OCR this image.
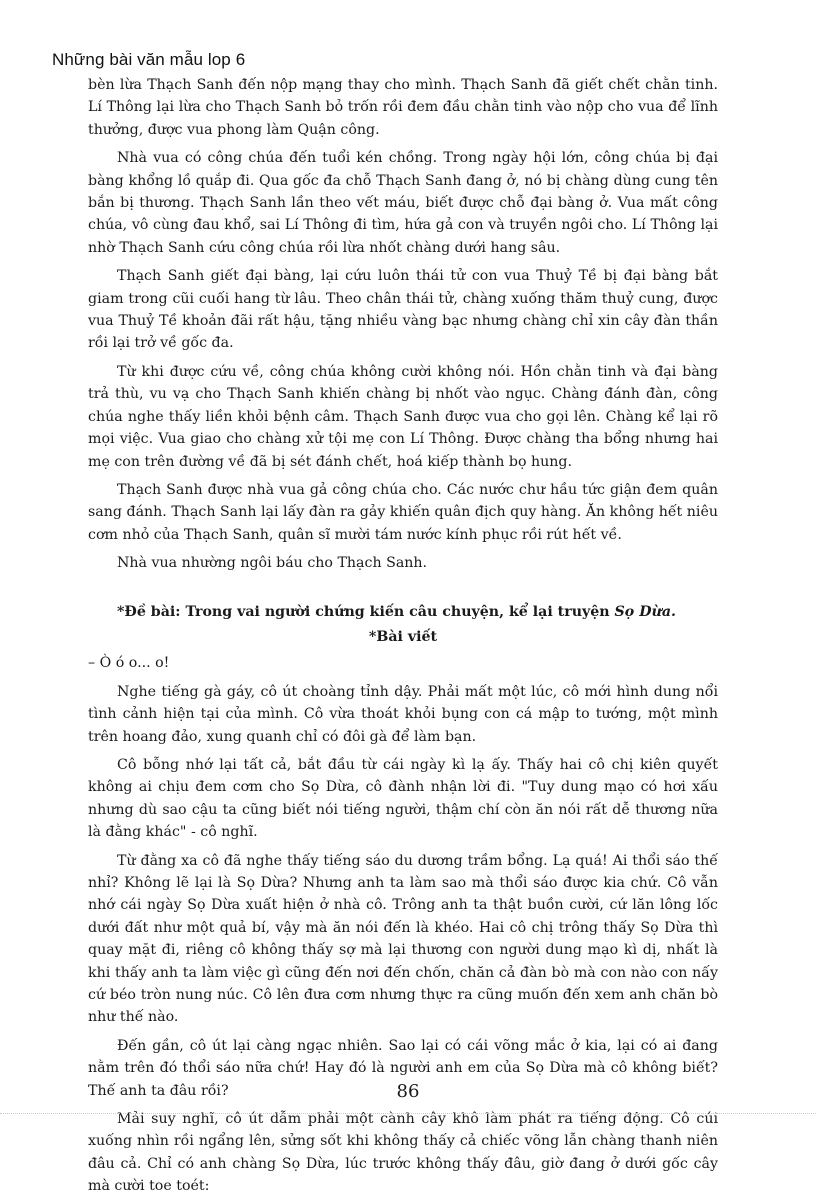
Những bài văn mẫu lop 6

bèn lừa Thạch Sanh đến nộp mạng thay cho mình. Thạch Sanh đã giết chết chằn tinh. Lí Thông lại lừa cho Thạch Sanh bỏ trốn rồi đem đầu chằn tinh vào nộp cho vua để lĩnh thưởng, được vua phong làm Quận công.

Nhà vua có công chúa đến tuổi kén chồng. Trong ngày hội lớn, công chúa bị đại bàng khổng lồ quắp đi. Qua gốc đa chỗ Thạch Sanh đang ở, nó bị chàng dùng cung tên bắn bị thương. Thạch Sanh lần theo vết máu, biết được chỗ đại bàng ở. Vua mất công chúa, vô cùng đau khổ, sai Lí Thông đi tìm, hứa gả con và truyền ngôi cho. Lí Thông lại nhờ Thạch Sanh cứu công chúa rồi lừa nhốt chàng dưới hang sâu.

Thạch Sanh giết đại bàng, lại cứu luôn thái tử con vua Thuỷ Tề bị đại bàng bắt giam trong cũi cuối hang từ lâu. Theo chân thái tử, chàng xuống thăm thuỷ cung, được vua Thuỷ Tề khoản đãi rất hậu, tặng nhiều vàng bạc nhưng chàng chỉ xin cây đàn thần rồi lại trở về gốc đa.

Từ khi được cứu về, công chúa không cười không nói. Hồn chằn tinh và đại bàng trả thù, vu vạ cho Thạch Sanh khiến chàng bị nhốt vào ngục. Chàng đánh đàn, công chúa nghe thấy liền khỏi bệnh câm. Thạch Sanh được vua cho gọi lên. Chàng kể lại rõ mọi việc. Vua giao cho chàng xử tội mẹ con Lí Thông. Được chàng tha bổng nhưng hai mẹ con trên đường về đã bị sét đánh chết, hoá kiếp thành bọ hung.

Thạch Sanh được nhà vua gả công chúa cho. Các nước chư hầu tức giận đem quân sang đánh. Thạch Sanh lại lấy đàn ra gảy khiến quân địch quy hàng. Ăn không hết niêu cơm nhỏ của Thạch Sanh, quân sĩ mười tám nước kính phục rồi rút hết về.

Nhà vua nhường ngôi báu cho Thạch Sanh.

*Đề bài: Trong vai người chứng kiến câu chuyện, kể lại truyện Sọ Dừa.

*Bài viết

– Ò ó o... o!

Nghe tiếng gà gáy, cô út choàng tỉnh dậy. Phải mất một lúc, cô mới hình dung nổi tình cảnh hiện tại của mình. Cô vừa thoát khỏi bụng con cá mập to tướng, một mình trên hoang đảo, xung quanh chỉ có đôi gà để làm bạn.

Cô bỗng nhớ lại tất cả, bắt đầu từ cái ngày kì lạ ấy. Thấy hai cô chị kiên quyết không ai chịu đem cơm cho Sọ Dừa, cô đành nhận lời đi. "Tuy dung mạo có hơi xấu nhưng dù sao cậu ta cũng biết nói tiếng người, thậm chí còn ăn nói rất dễ thương nữa là đằng khác" - cô nghĩ.

Từ đằng xa cô đã nghe thấy tiếng sáo du dương trầm bổng. Lạ quá! Ai thổi sáo thế nhỉ? Không lẽ lại là Sọ Dừa? Nhưng anh ta làm sao mà thổi sáo được kia chứ. Cô vẫn nhớ cái ngày Sọ Dừa xuất hiện ở nhà cô. Trông anh ta thật buồn cười, cứ lăn lông lốc dưới đất như một quả bí, vậy mà ăn nói đến là khéo. Hai cô chị trông thấy Sọ Dừa thì quay mặt đi, riêng cô không thấy sợ mà lại thương con người dung mạo kì dị, nhất là khi thấy anh ta làm việc gì cũng đến nơi đến chốn, chăn cả đàn bò mà con nào con nấy cứ béo tròn nung núc. Cô lên đưa cơm nhưng thực ra cũng muốn đến xem anh chăn bò như thế nào.

Đến gần, cô út lại càng ngạc nhiên. Sao lại có cái võng mắc ở kia, lại có ai đang nằm trên đó thổi sáo nữa chứ! Hay đó là người anh em của Sọ Dừa mà cô không biết? Thế anh ta đâu rồi?

Mải suy nghĩ, cô út dẫm phải một cành cây khô làm phát ra tiếng động. Cô cúi xuống nhìn rồi ngẩng lên, sửng sốt khi không thấy cả chiếc võng lẫn chàng thanh niên đâu cả. Chỉ có anh chàng Sọ Dừa, lúc trước không thấy đâu, giờ đang ở dưới gốc cây mà cười toe toét:

86
